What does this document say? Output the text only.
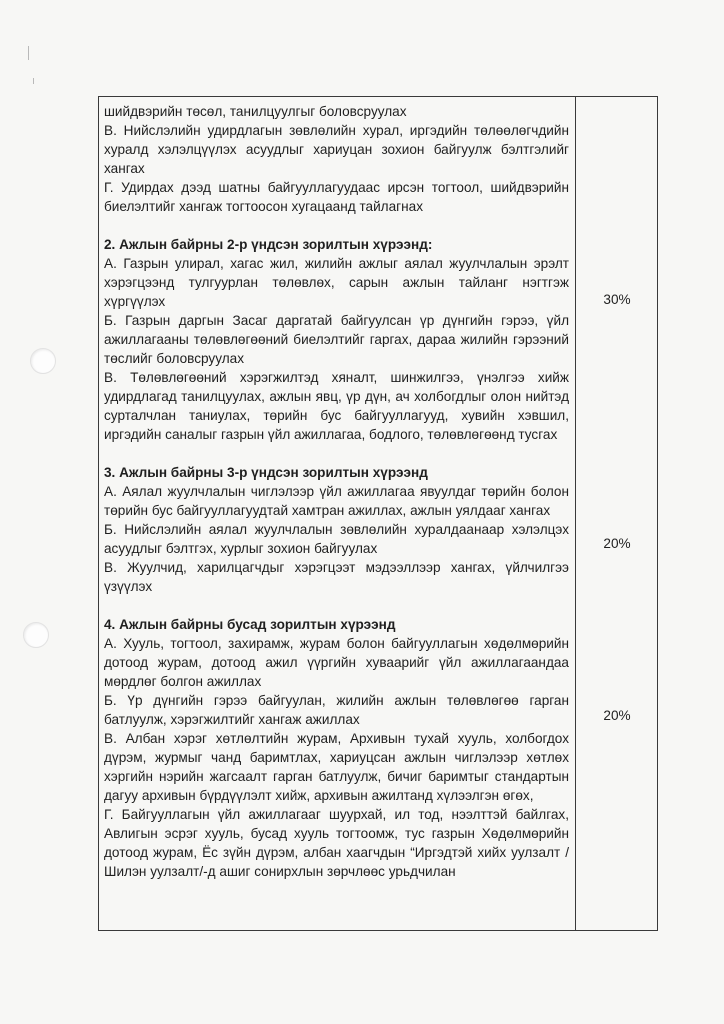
шийдвэрийн төсөл, танилцуулгыг боловсруулах

В. Нийслэлийн удирдлагын зөвлөлийн хурал, иргэдийн төлөөлөгчдийн хуралд хэлэлцүүлэх асуудлыг хариуцан зохион байгуулж бэлтгэлийг хангах

Г. Удирдах дээд шатны байгууллагуудаас ирсэн тогтоол, шийдвэрийн биелэлтийг хангаж тогтоосон хугацаанд тайлагнах

2. Ажлын байрны 2-р үндсэн зорилтын хүрээнд:

А. Газрын улирал, хагас жил, жилийн ажлыг аялал жуулчлалын эрэлт хэрэгцээнд тулгуурлан төлөвлөх, сарын ажлын тайланг нэгтгэж хүргүүлэх

Б. Газрын даргын Засаг даргатай байгуулсан үр дүнгийн гэрээ, үйл ажиллагааны төлөвлөгөөний биелэлтийг гаргах, дараа жилийн гэрээний төслийг боловсруулах

В. Төлөвлөгөөний хэрэгжилтэд хяналт, шинжилгээ, үнэлгээ хийж удирдлагад танилцуулах, ажлын явц, үр дүн, ач холбогдлыг олон нийтэд сурталчлан таниулах, төрийн бус байгууллагууд, хувийн хэвшил, иргэдийн саналыг газрын үйл ажиллагаа, бодлого, төлөвлөгөөнд тусгах

3. Ажлын байрны 3-р үндсэн зорилтын хүрээнд

А. Аялал жуулчлалын чиглэлээр үйл ажиллагаа явуулдаг төрийн болон төрийн бус байгууллагуудтай хамтран ажиллах, ажлын уялдааг хангах

Б. Нийслэлийн аялал жуулчлалын зөвлөлийн хуралдаанаар хэлэлцэх асуудлыг бэлтгэх, хурлыг зохион байгуулах

В. Жуулчид, харилцагчдыг хэрэгцээт мэдээллээр хангах, үйлчилгээ үзүүлэх

4. Ажлын байрны бусад зорилтын хүрээнд

А. Хууль, тогтоол, захирамж, журам болон байгууллагын хөдөлмөрийн дотоод журам, дотоод ажил үүргийн хуваарийг үйл ажиллагаандаа мөрдлөг болгон ажиллах

Б. Үр дүнгийн гэрээ байгуулан, жилийн ажлын төлөвлөгөө гарган батлуулж, хэрэгжилтийг хангаж ажиллах

В. Албан хэрэг хөтлөлтийн журам, Архивын тухай хууль, холбогдох дүрэм, журмыг чанд баримтлах, хариуцсан ажлын чиглэлээр хөтлөх хэргийн нэрийн жагсаалт гарган батлуулж, бичиг баримтыг стандартын дагуу архивын бүрдүүлэлт хийж, архивын ажилтанд хүлээлгэн өгөх,

Г. Байгууллагын үйл ажиллагааг шуурхай, ил тод, нээлттэй байлгах, Авлигын эсрэг хууль, бусад хууль тогтоомж, тус газрын Хөдөлмөрийн дотоод журам, Ёс зүйн дүрэм, албан хаагчдын “Иргэдтэй хийх уулзалт /Шилэн уулзалт/-д ашиг сонирхлын зөрчлөөс урьдчилан

30%
20%
20%
